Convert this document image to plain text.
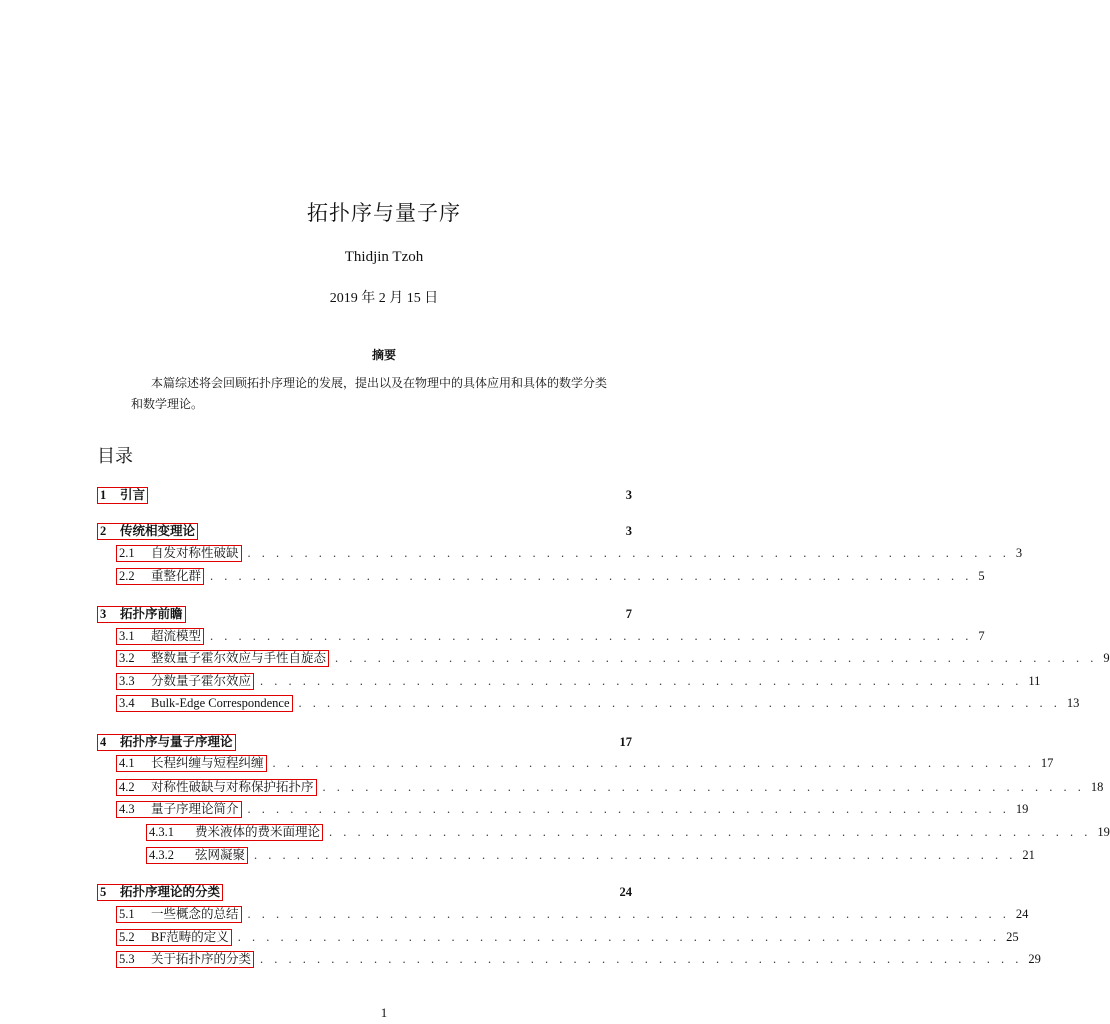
拓扑序与量子序
Thidjin Tzoh
2019 年 2 月 15 日
摘要
本篇综述将会回顾拓扑序理论的发展，提出以及在物理中的具体应用和具体的数学分类和数学理论。
目录
1	引言	3
2	传统相变理论	3
2.1	自发对称性破缺 . . . . . . . . . . . . . . . . . . . . . . . . . . . . . . . . . . . . . . . . . . . . . . . . . . . . . . 3
2.2	重整化群 . . . . . . . . . . . . . . . . . . . . . . . . . . . . . . . . . . . . . . . . . . . . . . . . . . . . . . 5
3	拓扑序前瞻	7
3.1	超流模型 . . . . . . . . . . . . . . . . . . . . . . . . . . . . . . . . . . . . . . . . . . . . . . . . . . . . . . 7
3.2	整数量子霍尔效应与手性自旋态 . . . . . . . . . . . . . . . . . . . . . . . . . . . . . . . . . . . . . . . . . . . . . . . . . . . . . . 9
3.3	分数量子霍尔效应 . . . . . . . . . . . . . . . . . . . . . . . . . . . . . . . . . . . . . . . . . . . . . . . . . . . . . . 11
3.4	Bulk-Edge Correspondence . . . . . . . . . . . . . . . . . . . . . . . . . . . . . . . . . . . . . . . . . . . . . . . . . . . . . . 13
4	拓扑序与量子序理论	17
4.1	长程纠缠与短程纠缠 . . . . . . . . . . . . . . . . . . . . . . . . . . . . . . . . . . . . . . . . . . . . . . . . . . . . . . 17
4.2	对称性破缺与对称保护拓扑序 . . . . . . . . . . . . . . . . . . . . . . . . . . . . . . . . . . . . . . . . . . . . . . . . . . . . . . 18
4.3	量子序理论简介 . . . . . . . . . . . . . . . . . . . . . . . . . . . . . . . . . . . . . . . . . . . . . . . . . . . . . . 19
4.3.1	费米液体的费米面理论 . . . . . . . . . . . . . . . . . . . . . . . . . . . . . . . . . . . . . . . . . . . . . . . . . . . . . . 19
4.3.2	弦网凝聚 . . . . . . . . . . . . . . . . . . . . . . . . . . . . . . . . . . . . . . . . . . . . . . . . . . . . . . 21
5	拓扑序理论的分类	24
5.1	一些概念的总结 . . . . . . . . . . . . . . . . . . . . . . . . . . . . . . . . . . . . . . . . . . . . . . . . . . . . . . 24
5.2	BF范畴的定义 . . . . . . . . . . . . . . . . . . . . . . . . . . . . . . . . . . . . . . . . . . . . . . . . . . . . . . 25
5.3	关于拓扑序的分类 . . . . . . . . . . . . . . . . . . . . . . . . . . . . . . . . . . . . . . . . . . . . . . . . . . . . . . 29
1
